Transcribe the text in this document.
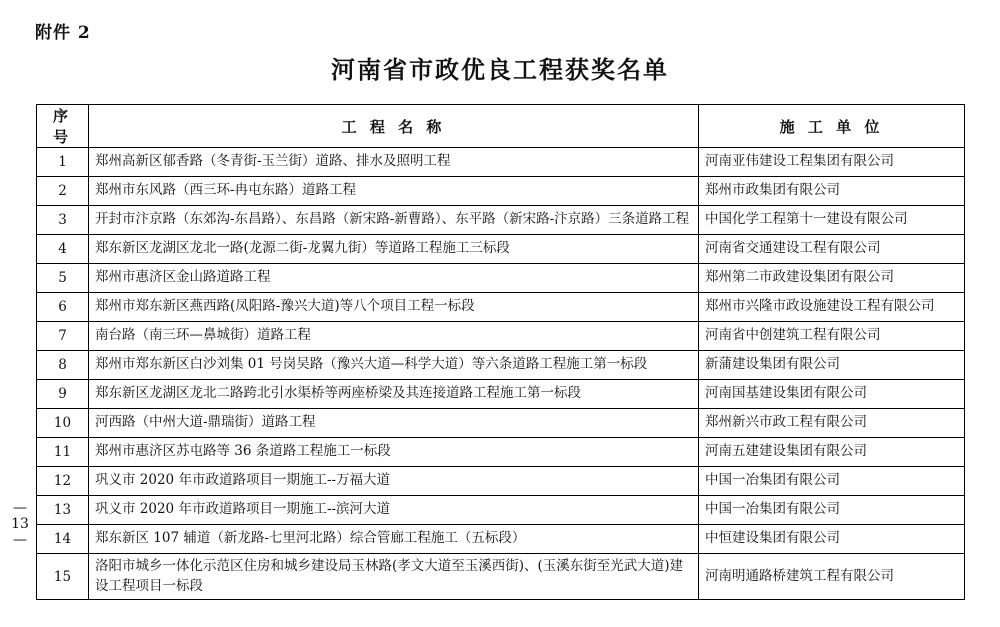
附件 2
河南省市政优良工程获奖名单
— 13 —
序 号	工 程 名 称	施 工 单 位
1	郑州高新区郁香路（冬青街-玉兰街）道路、排水及照明工程	河南亚伟建设工程集团有限公司
2	郑州市东风路（西三环-冉屯东路）道路工程	郑州市政集团有限公司
3	开封市汴京路（东郊沟-东昌路）、东昌路（新宋路-新曹路）、东平路（新宋路-汴京路）三条道路工程	中国化学工程第十一建设有限公司
4	郑东新区龙湖区龙北一路(龙源二街-龙翼九街）等道路工程施工三标段	河南省交通建设工程有限公司
5	郑州市惠济区金山路道路工程	郑州第二市政建设集团有限公司
6	郑州市郑东新区燕西路(凤阳路-豫兴大道)等八个项目工程一标段	郑州市兴隆市政设施建设工程有限公司
7	南台路（南三环—鼻城街）道路工程	河南省中创建筑工程有限公司
8	郑州市郑东新区白沙刘集 01 号岗吴路（豫兴大道—科学大道）等六条道路工程施工第一标段	新蒲建设集团有限公司
9	郑东新区龙湖区龙北二路跨北引水渠桥等两座桥梁及其连接道路工程施工第一标段	河南国基建设集团有限公司
10	河西路（中州大道-鼎瑞街）道路工程	郑州新兴市政工程有限公司
11	郑州市惠济区苏屯路等 36 条道路工程施工一标段	河南五建建设集团有限公司
12	巩义市 2020 年市政道路项目一期施工--万福大道	中国一冶集团有限公司
13	巩义市 2020 年市政道路项目一期施工--滨河大道	中国一冶集团有限公司
14	郑东新区 107 辅道（新龙路-七里河北路）综合管廊工程施工（五标段）	中恒建设集团有限公司
15	洛阳市城乡一体化示范区住房和城乡建设局玉林路(孝文大道至玉溪西街)、(玉溪东街至光武大道)建设工程项目一标段	河南明通路桥建筑工程有限公司
